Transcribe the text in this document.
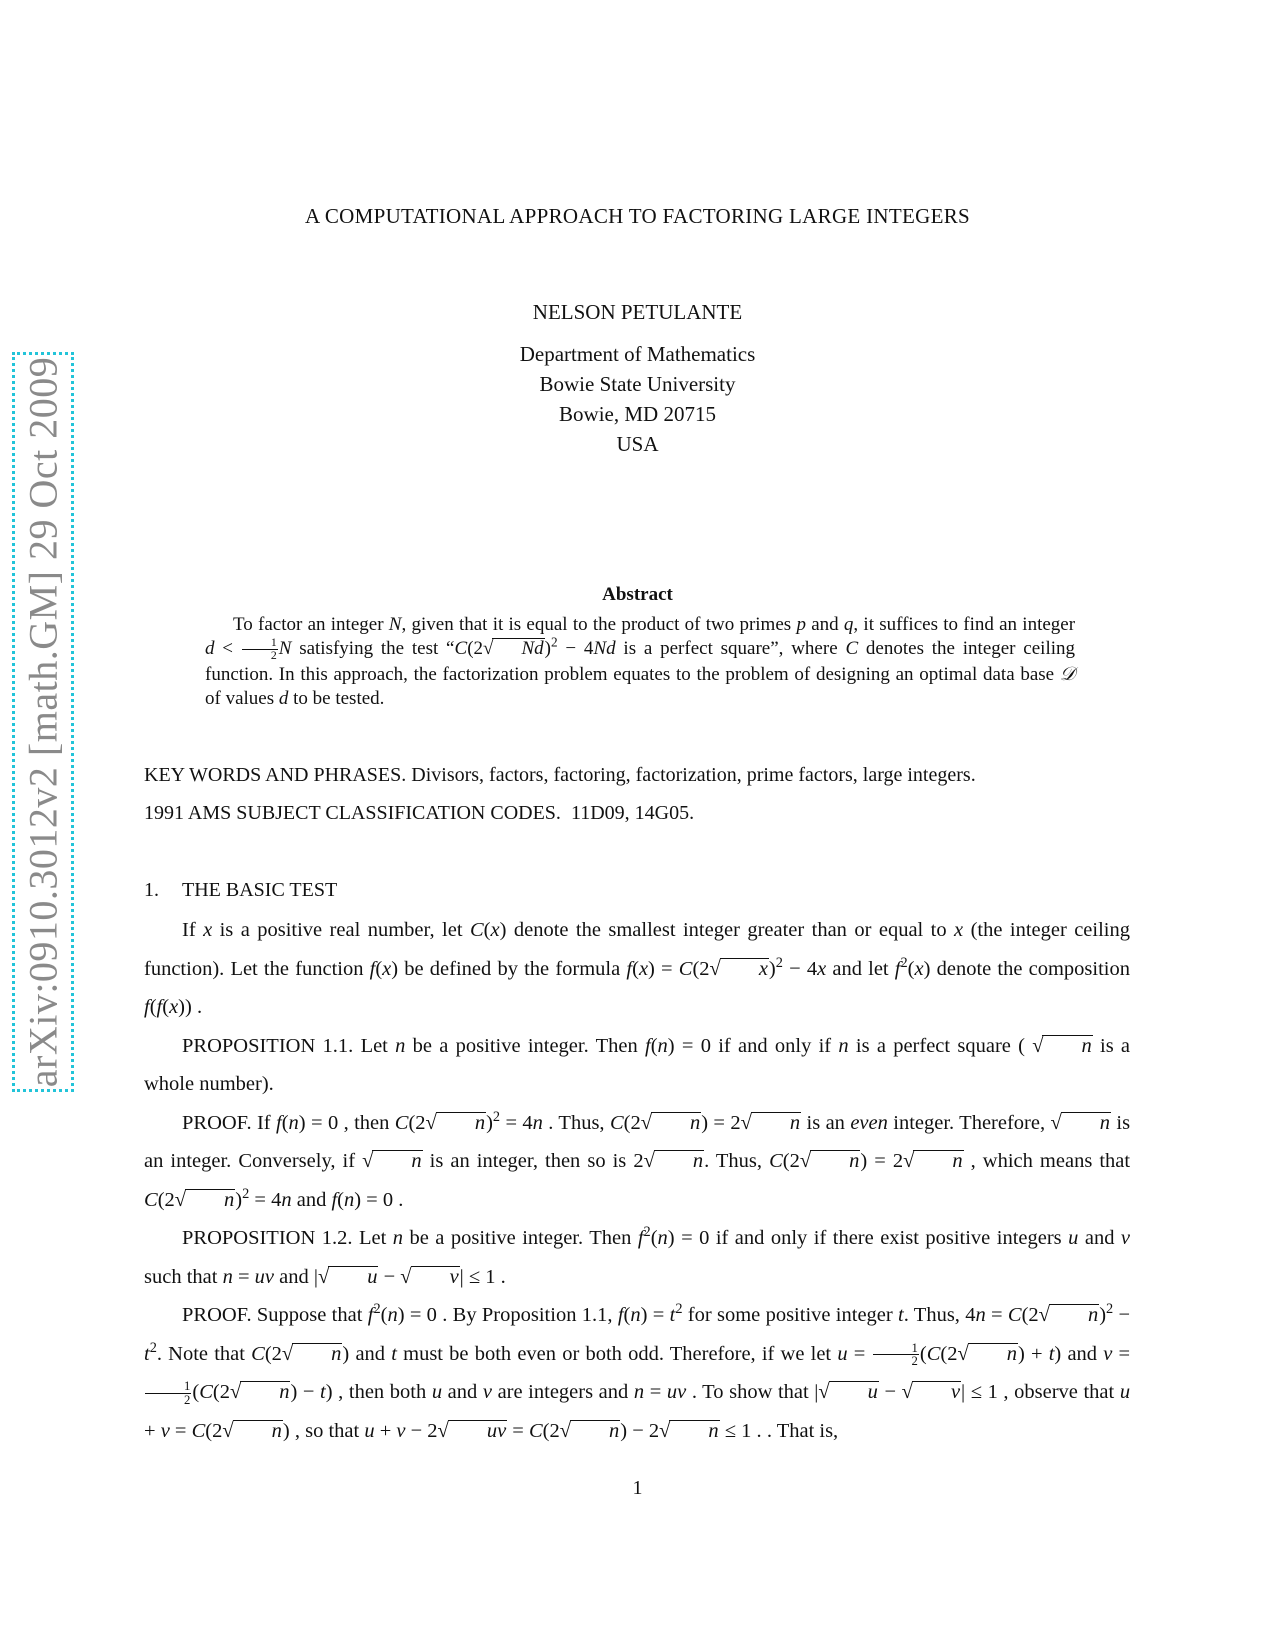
arXiv:0910.3012v2 [math.GM] 29 Oct 2009
A COMPUTATIONAL APPROACH TO FACTORING LARGE INTEGERS
NELSON PETULANTE
Department of Mathematics
Bowie State University
Bowie, MD 20715
USA
Abstract

To factor an integer N, given that it is equal to the product of two primes p and q, it suffices to find an integer $d < \frac{1}{2}$ N satisfying the test “C(2√ Nd)$^2$ − 4Nd is a perfect square”, where C denotes the integer ceiling function. In this approach, the factorization problem equates to the problem of designing an optimal data base 𝒟 of values d to be tested.

KEY WORDS AND PHRASES. Divisors, factors, factoring, factorization, prime factors, large integers.
1991 AMS SUBJECT CLASSIFICATION CODES. 11D09, 14G05.
1. THE BASIC TEST

If x is a positive real number, let C(x) denote the smallest integer greater than or equal to x (the integer ceiling function). Let the function f(x) be defined by the formula f(x) = C(2√ x)$^2$ − 4x and let $f^2(x)$ denote the composition f(f(x)) .

PROPOSITION 1.1. Let n be a positive integer. Then f(n) = 0 if and only if n is a perfect square ( √ n is a whole number).

PROOF. If f(n) = 0 , then C(2√ n)$^2$ = 4n . Thus, C(2√ n) = 2√ n is an even integer. Therefore, √ n is an integer. Conversely, if √ n is an integer, then so is 2√ n. Thus, C(2√ n) = 2√ n , which means that C(2√ n)$^2$ = 4n and f(n) = 0 .

PROPOSITION 1.2. Let n be a positive integer. Then $f^2(n) = 0$ if and only if there exist positive integers u and v such that n = uv and |√ u − √ v| ≤ 1 .

PROOF. Suppose that $f^2(n) = 0$ . By Proposition 1.1, $f(n) = t^2$ for some positive integer t. Thus, 4n = C(2√ $n)^2 - t^2$. Note that C(2√ n) and t must be both even or both odd. Therefore, if we let $u = \frac{1}{2} (C(2√$ n) + t) and v =
$\frac{1}{2} (C(2√$ n) − t) , then both u and v are integers and n = uv . To show that |√ u − √ v| ≤ 1 , observe that u + v = C(2√ n) , so that u + v − 2√ uv = C(2√ n) − 2√ n ≤ 1 . . That is,

1
